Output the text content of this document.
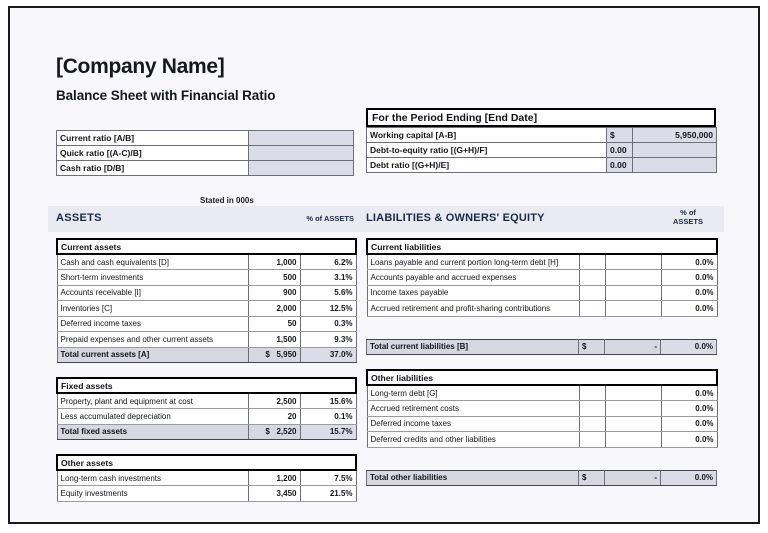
[Company Name]
Balance Sheet with Financial Ratio
Current ratio [A/B]	
Quick ratio [(A-C)/B]	
Cash ratio [D/B]	
For the Period Ending [End Date]
Working capital [A-B]	$	5,950,000
Debt-to-equity ratio [(G+H)/F]	0.00	
Debt ratio [(G+H)/E]	0.00	
Stated in 000s
ASSETS	% of ASSETS LIABILITIES & OWNERS' EQUITY	% of
ASSETS
Current assets		
Cash and cash equivalents [D]	1,000	6.2%
Short-term investments	500	3.1%
Accounts receivable [I]	900	5.6%
Inventories [C]	2,000	12.5%
Deferred income taxes	50	0.3%
Prepaid expenses and other current assets	1,500	9.3%
Total current assets [A]	$ 5,950	37.0%
Fixed assets		
Property, plant and equipment at cost	2,500	15.6%
Less accumulated depreciation	20	0.1%
Total fixed assets	$ 2,520	15.7%
Other assets		
Long-term cash investments	1,200	7.5%
Equity investments	3,450	21.5%
Current liabilities			
Loans payable and current portion long-term debt [H]			0.0%
Accounts payable and accrued expenses			0.0%
Income taxes payable			0.0%
Accrued retirement and profit-sharing contributions			0.0%
Total current liabilities [B]	$	-	0.0%
Other liabilities			
Long-term debt [G]			0.0%
Accrued retirement costs			0.0%
Deferred income taxes			0.0%
Deferred credits and other liabilities			0.0%
Total other liabilities	$	-	0.0%
